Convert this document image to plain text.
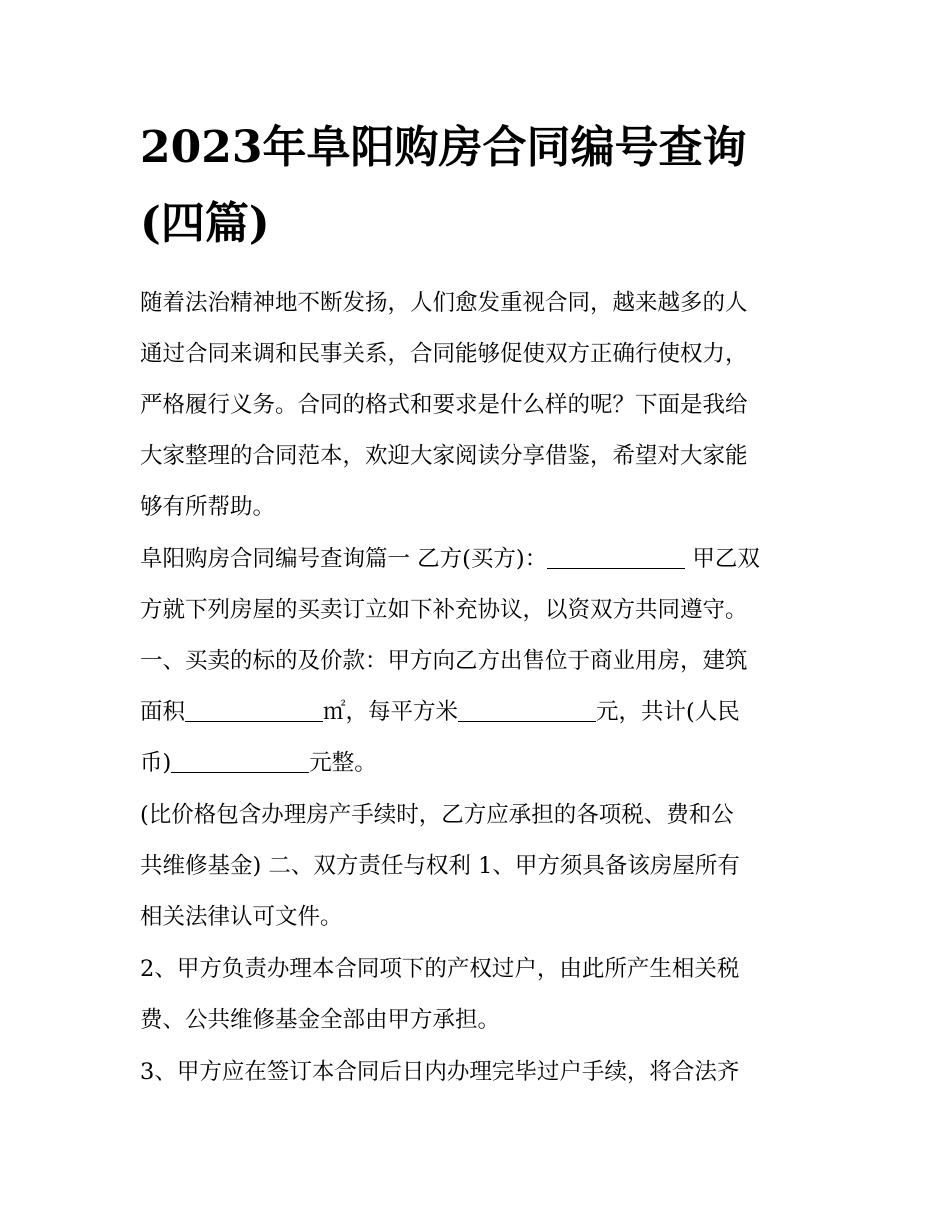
2023年阜阳购房合同编号查询
(四篇)
随着法治精神地不断发扬，人们愈发重视合同，越来越多的人
通过合同来调和民事关系，合同能够促使双方正确行使权力，
严格履行义务。合同的格式和要求是什么样的呢？下面是我给
大家整理的合同范本，欢迎大家阅读分享借鉴，希望对大家能
够有所帮助。
阜阳购房合同编号查询篇一 乙方(买方)：	甲乙双
方就下列房屋的买卖订立如下补充协议，以资双方共同遵守。
一、买卖的标的及价款：甲方向乙方出售位于商业用房，建筑
面积	㎡，每平方米	元，共计(人民
币)	元整。
(比价格包含办理房产手续时，乙方应承担的各项税、费和公
共维修基金) 二、双方责任与权利 1、甲方须具备该房屋所有
相关法律认可文件。
2、甲方负责办理本合同项下的产权过户，由此所产生相关税
费、公共维修基金全部由甲方承担。
3、甲方应在签订本合同后日内办理完毕过户手续，将合法齐
